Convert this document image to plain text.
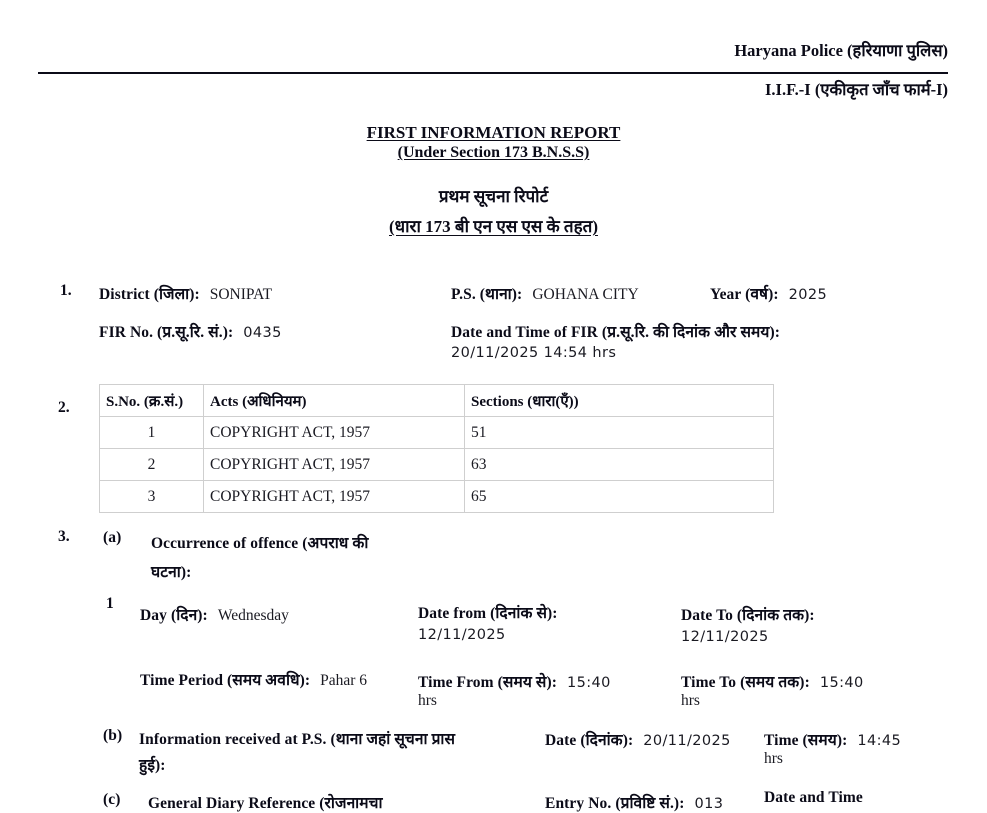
Haryana Police (हरियाणा पुलिस)
I.I.F.-I (एकीकृत जाँच फार्म-I)
FIRST INFORMATION REPORT
(Under Section 173 B.N.S.S)
प्रथम सूचना रिपोर्ट
(धारा 173 बी एन एस एस के तहत)
1. District (जिला): SONIPAT	P.S. (थाना): GOHANA CITY	Year (वर्ष): 2025
FIR No. (प्र.सू.रि. सं.): 0435	Date and Time of FIR (प्र.सू.रि. की दिनांक और समय):
20/11/2025 14:54 hrs
2. S.No. (क्र.सं.)	Acts (अधिनियम)	Sections (धारा(एँ))
1	COPYRIGHT ACT, 1957	51
2	COPYRIGHT ACT, 1957	63
3	COPYRIGHT ACT, 1957	65
3. (a) Occurrence of offence (अपराध की
घटना):
1
Day (दिन): Wednesday	Date from (दिनांक से):
12/11/2025
Date To (दिनांक तक):
12/11/2025
Time Period (समय अवधि): Pahar 6	Time From (समय से): 15:40
hrs
Time To (समय तक): 15:40
hrs
(b) Information received at P.S. (थाना जहां सूचना प्रास
हुई):
Date (दिनांक): 20/11/2025 Time (समय): 14:45
hrs
(c) General Diary Reference (रोजनामचा	Entry No. (प्रविष्टि सं.): 013	Date and Time
